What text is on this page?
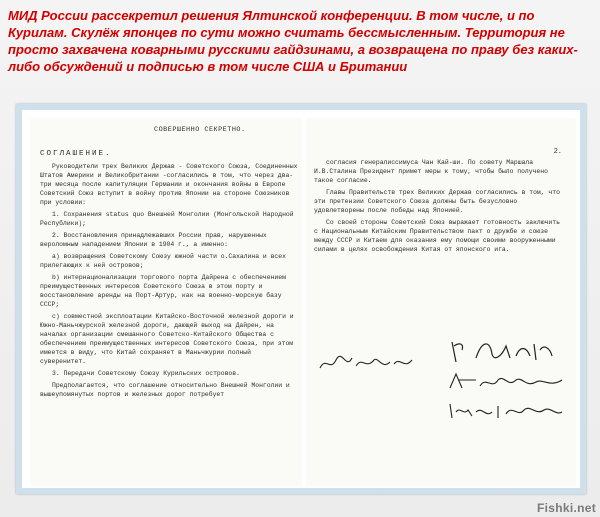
МИД России рассекретил решения Ялтинской конференции. В том числе, и по Курилам. Скулёж японцев по сути можно считать бессмысленным. Территория не просто захвачена коварными русскими гайдзинами, а возвращена по праву без каких-либо обсуждений и подписью в том числе США и Британии
СОВЕРШЕННО СЕКРЕТНО.
СОГЛАШЕНИЕ.

Руководители трех Великих Держав - Советского Союза, Соединенных Штатов Америки и Великобритании -согласились в том, что через два-три месяца после капитуляции Германии и окончания войны в Европе Советский Союз вступит в войну против Японии на стороне Союзников при условии:

1. Сохранения status quo Внешней Монголии (Монгольской Народной Республики);

2. Восстановления принадлежавших России прав, нарушенных вероломным нападением Японии в 1904 г., а именно:

а) возвращения Советскому Союзу южной части о.Сахалина и всех прилегающих к ней островов;

b) интернационализации торгового порта Дайрена с обеспечением преимущественных интересов Советского Союза в этом порту и восстановление аренды на Порт-Артур, как на военно-морскую базу СССР;

с) совместной эксплоатации Китайско-Восточной железной дороги и Южно-Маньчжурской железной дороги, дающей выход на Дайрен, на началах организации смешанного Советско-Китайского Общества с обеспечением преимущественных интересов Советского Союза, при этом имеется в виду, что Китай сохраняет в Маньчжурии полный суверенитет.

3. Передачи Советскому Союзу Курильских островов.

Предполагается, что соглашение относительно Внешней Монголии и вышеупомянутых портов и железных дорог потребует

2.

согласия генералиссимуса Чан Кай-ши. По совету Маршала И.В.Сталина Президент примет меры к тому, чтобы было получено такое согласие.

Главы Правительств трех Великих Держав согласились в том, что эти претензии Советского Союза должны быть безусловно удовлетворены после победы над Японией.

Со своей стороны Советский Союз выражает готовность заключить с Национальным Китайским Правительством пакт о дружбе и союзе между СССР и Китаем для оказания ему помощи своими вооруженными силами в целях освобождения Китая от японского ига.

Fishki.net
